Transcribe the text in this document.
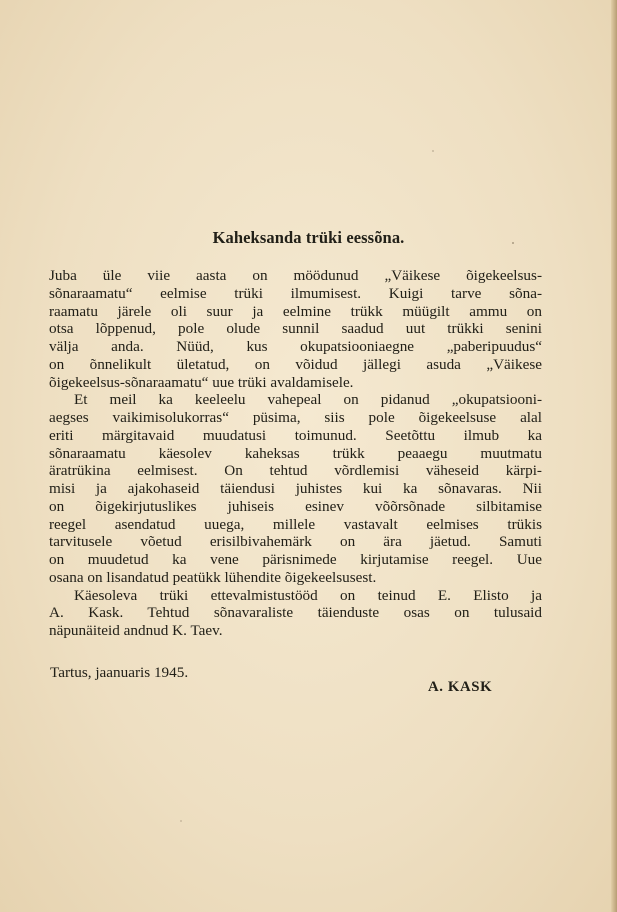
Kaheksanda trüki eessõna.
Juba üle viie aasta on möödunud „Väikese õigekeelsus-
sõnaraamatu“ eelmise trüki ilmumisest. Kuigi tarve sõna-
raamatu järele oli suur ja eelmine trükk müügilt ammu on
otsa lõppenud, pole olude sunnil saadud uut trükki senini
välja anda. Nüüd, kus okupatsiooniaegne „paberipuudus“
on õnnelikult ületatud, on võidud jällegi asuda „Väikese
õigekeelsus-sõnaraamatu“ uue trüki avaldamisele.
Et meil ka keeleelu vahepeal on pidanud „okupatsiooni-
aegses vaikimisolukorras“ püsima, siis pole õigekeelsuse alal
eriti märgitavaid muudatusi toimunud. Seetõttu ilmub ka
sõnaraamatu käesolev kaheksas trükk peaaegu muutmatu
äratrükina eelmisest. On tehtud võrdlemisi väheseid kärpi-
misi ja ajakohaseid täiendusi juhistes kui ka sõnavaras. Nii
on õigekirjutuslikes juhiseis esinev võõrsõnade silbitamise
reegel asendatud uuega, millele vastavalt eelmises trükis
tarvitusele võetud erisilbivahemärk on ära jäetud. Samuti
on muudetud ka vene pärisnimede kirjutamise reegel. Uue
osana on lisandatud peatükk lühendite õigekeelsusest.
Käesoleva trüki ettevalmistustööd on teinud E. Elisto ja
A. Kask. Tehtud sõnavaraliste täienduste osas on tulusaid
näpunäiteid andnud K. Taev.
Tartus, jaanuaris 1945.
A. KASK
